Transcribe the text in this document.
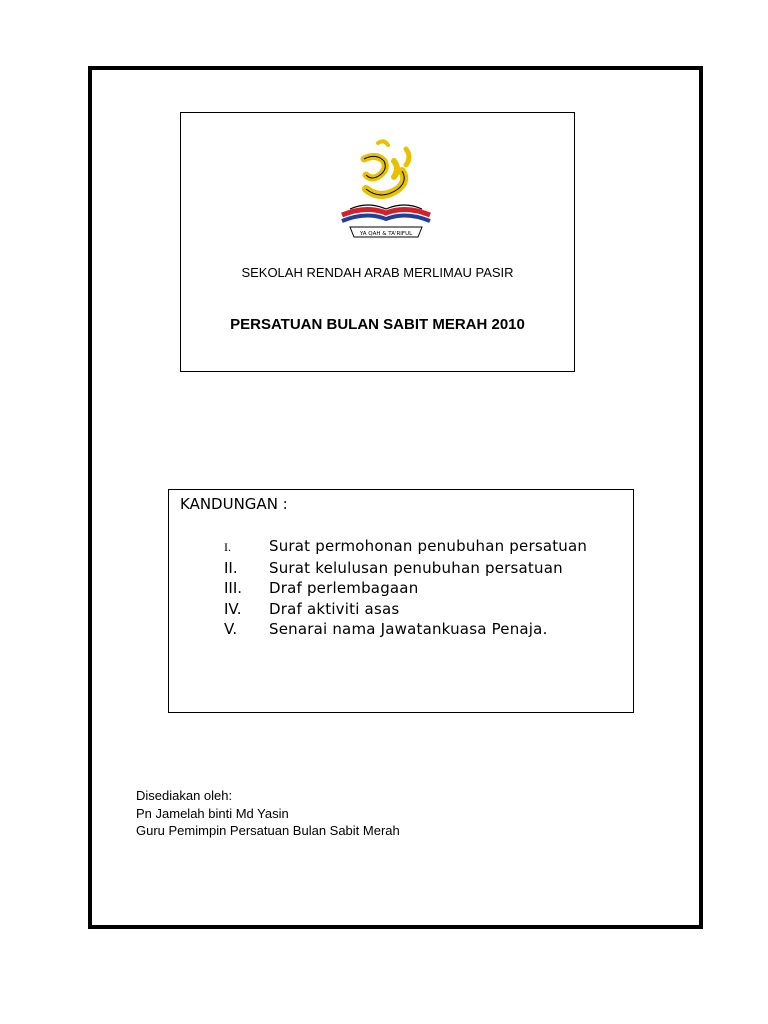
YA QAH & TA'RIFUL
SEKOLAH RENDAH ARAB MERLIMAU PASIR
PERSATUAN BULAN SABIT MERAH 2010
KANDUNGAN :
I.	Surat permohonan penubuhan persatuan
II.	Surat kelulusan penubuhan persatuan
III.	Draf perlembagaan
IV.	Draf aktiviti asas
V.	Senarai nama Jawatankuasa Penaja.
Disediakan oleh:
Pn Jamelah binti Md Yasin
Guru Pemimpin Persatuan Bulan Sabit Merah
